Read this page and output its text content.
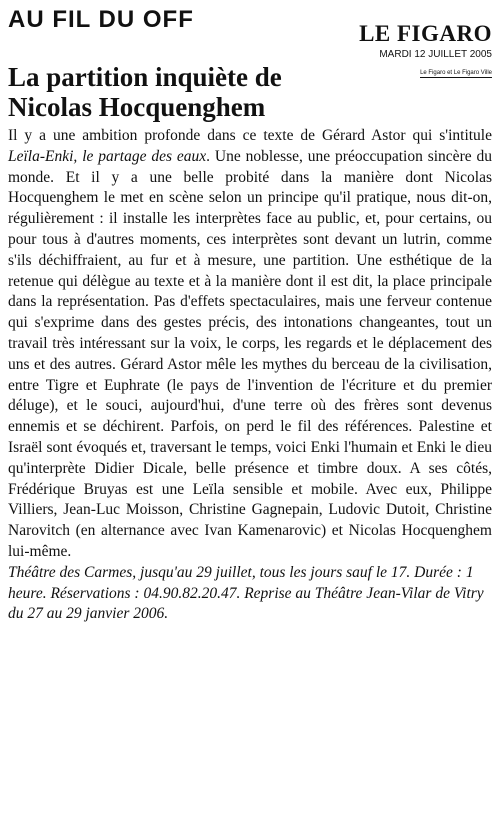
AU FIL DU OFF
LE FIGARO
MARDI 12 JUILLET 2005
Le Figaro et Le Figaro Ville
La partition inquiète de Nicolas Hocquenghem

Il y a une ambition profonde dans ce texte de Gérard Astor qui s'intitule Leïla-Enki, le partage des eaux. Une noblesse, une préoccupation sincère du monde. Et il y a une belle probité dans la manière dont Nicolas Hocquenghem le met en scène selon un principe qu'il pratique, nous dit-on, régulièrement : il installe les interprètes face au public, et, pour certains, ou pour tous à d'autres moments, ces interprètes sont devant un lutrin, comme s'ils déchiffraient, au fur et à mesure, une partition. Une esthétique de la retenue qui délègue au texte et à la manière dont il est dit, la place principale dans la représentation. Pas d'effets spectaculaires, mais une ferveur contenue qui s'exprime dans des gestes précis, des intonations changeantes, tout un travail très intéressant sur la voix, le corps, les regards et le déplacement des uns et des autres. Gérard Astor mêle les mythes du berceau de la civilisation, entre Tigre et Euphrate (le pays de l'invention de l'écriture et du premier déluge), et le souci, aujourd'hui, d'une terre où des frères sont devenus ennemis et se déchirent. Parfois, on perd le fil des références. Palestine et Israël sont évoqués et, traversant le temps, voici Enki l'humain et Enki le dieu qu'interprète Didier Dicale, belle présence et timbre doux. A ses côtés, Frédérique Bruyas est une Leïla sensible et mobile. Avec eux, Philippe Villiers, Jean-Luc Moisson, Christine Gagnepain, Ludovic Dutoit, Christine Narovitch (en alternance avec Ivan Kamenarovic) et Nicolas Hocquenghem lui-même.

Théâtre des Carmes, jusqu'au 29 juillet, tous les jours sauf le 17. Durée : 1 heure. Réservations : 04.90.82.20.47. Reprise au Théâtre Jean-Vilar de Vitry du 27 au 29 janvier 2006.
